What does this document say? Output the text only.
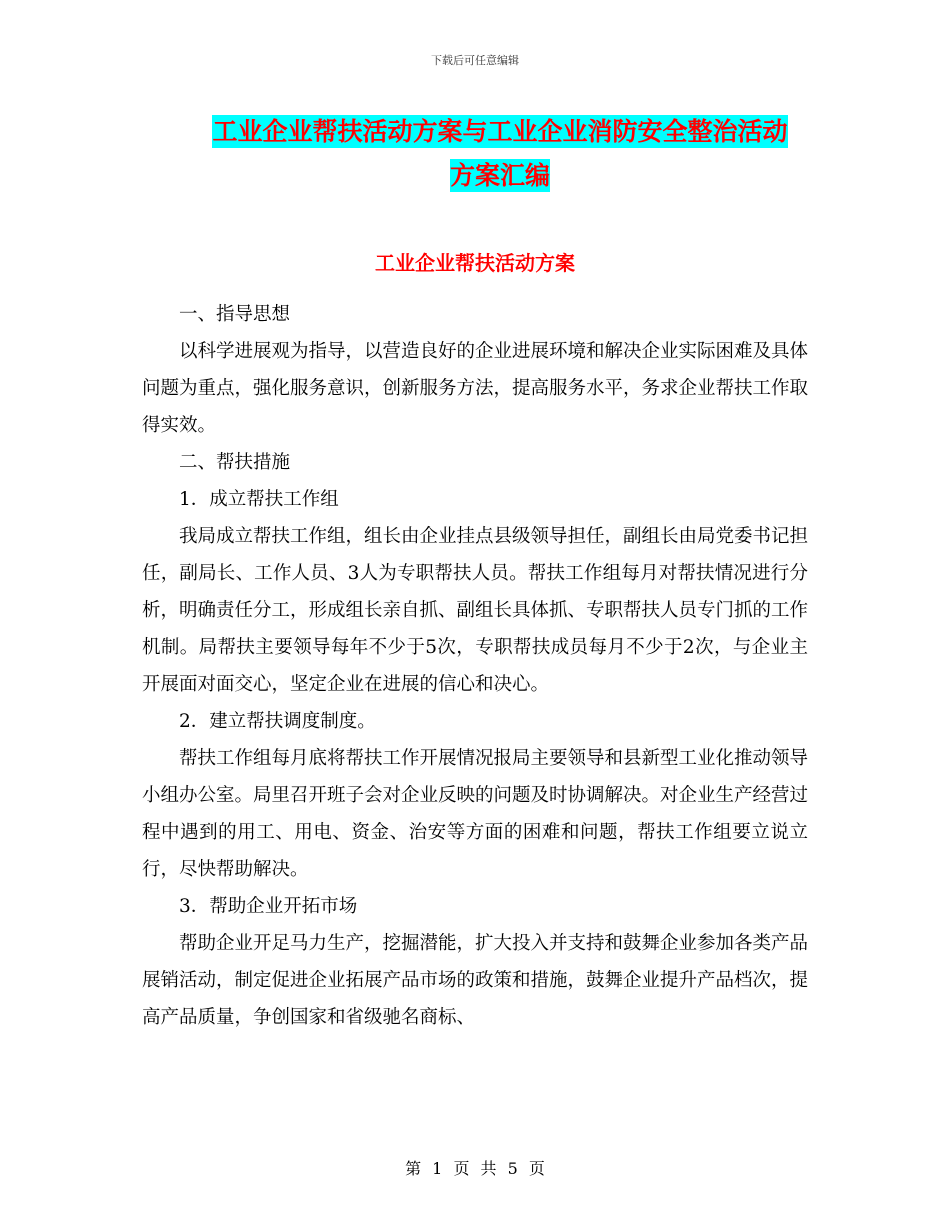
下载后可任意编辑
工业企业帮扶活动方案与工业企业消防安全整治活动
方案汇编
工业企业帮扶活动方案

一、指导思想

以科学进展观为指导，以营造良好的企业进展环境和解决企业实际困难及具体问题为重点，强化服务意识，创新服务方法，提高服务水平，务求企业帮扶工作取得实效。

二、帮扶措施

1．成立帮扶工作组

我局成立帮扶工作组，组长由企业挂点县级领导担任，副组长由局党委书记担任，副局长、工作人员、3人为专职帮扶人员。帮扶工作组每月对帮扶情况进行分析，明确责任分工，形成组长亲自抓、副组长具体抓、专职帮扶人员专门抓的工作机制。局帮扶主要领导每年不少于5次，专职帮扶成员每月不少于2次，与企业主开展面对面交心，坚定企业在进展的信心和决心。

2．建立帮扶调度制度。

帮扶工作组每月底将帮扶工作开展情况报局主要领导和县新型工业化推动领导小组办公室。局里召开班子会对企业反映的问题及时协调解决。对企业生产经营过程中遇到的用工、用电、资金、治安等方面的困难和问题，帮扶工作组要立说立行，尽快帮助解决。

3．帮助企业开拓市场

帮助企业开足马力生产，挖掘潜能，扩大投入并支持和鼓舞企业参加各类产品展销活动，制定促进企业拓展产品市场的政策和措施，鼓舞企业提升产品档次，提高产品质量，争创国家和省级驰名商标、

第 1 页 共 5 页
